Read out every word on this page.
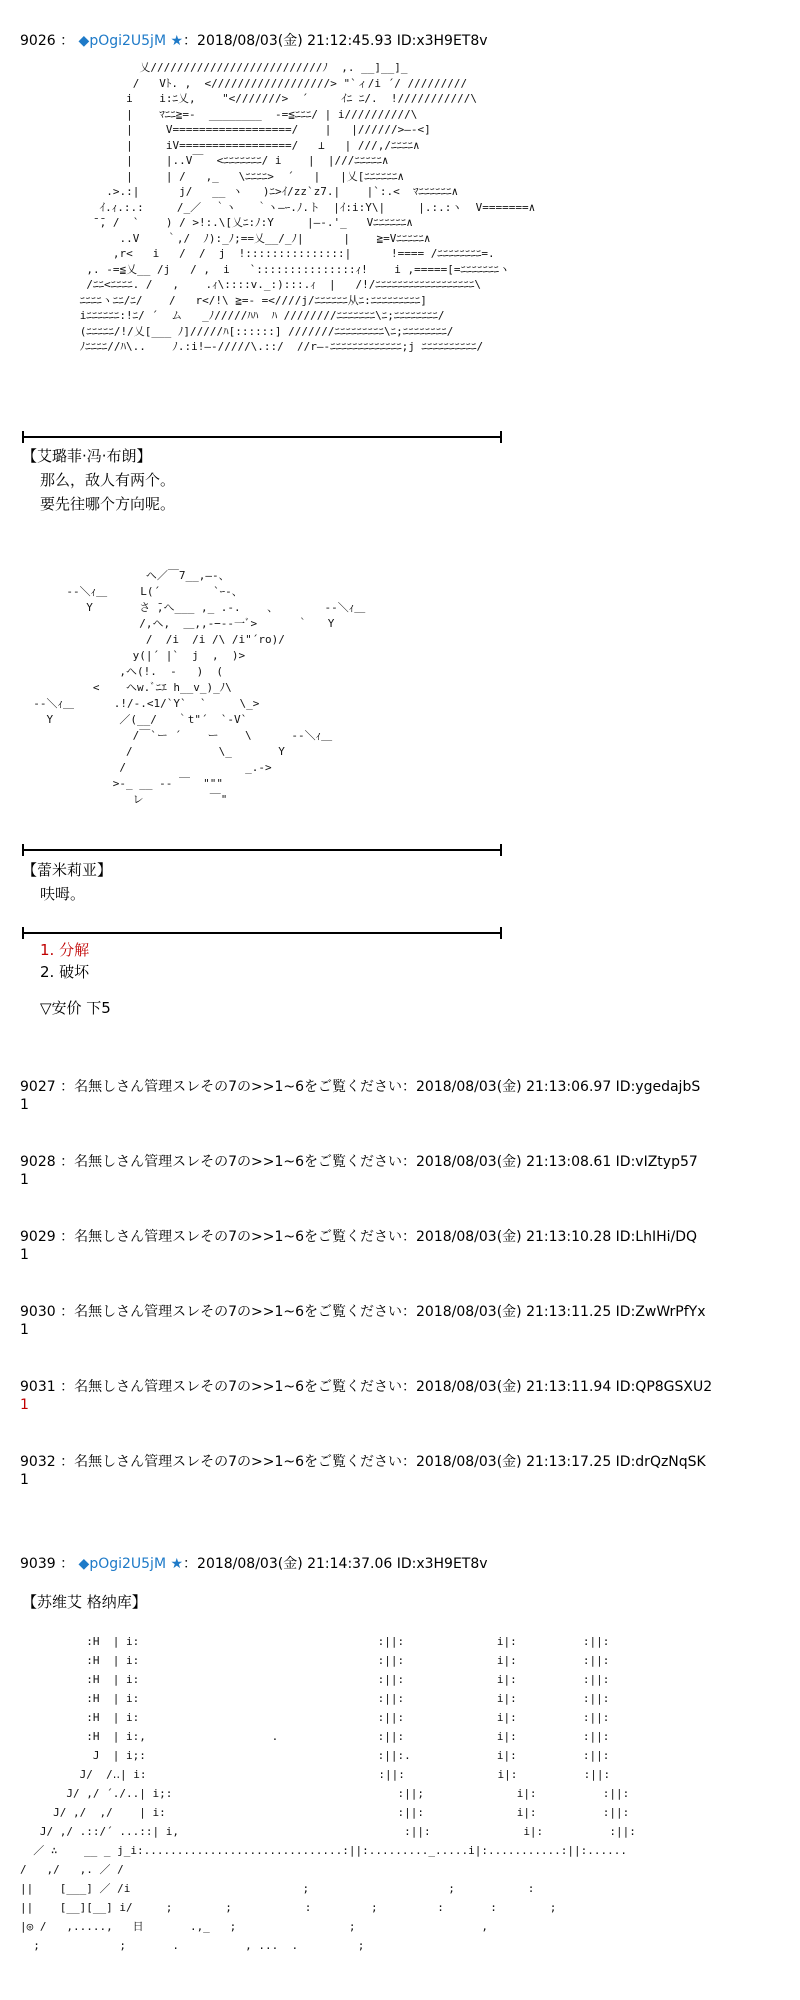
9026 ： ◆pOgi2U5jM ★：2018/08/03(金) 21:12:45.93 ID:x3H9ET8v
乂//////////////////////////ﾉ  ,. __]__]_
/   Vﾄ. ,  <//////////////////> "`ィ/i ´/ /////////
i    i:ﾆ乂,    "<///////>  ´     ｲﾆ ﾆ/.  !///////////\
|    ﾏﾆﾆ≧=-  ________  -=≦ﾆﾆﾆ/ | i//////////\
|     V==================/    |   |//////>—-<]
|     iV=================/   ⊥   | ///,/ﾆﾆﾆﾆ∧
|     |..V￣  <ﾆﾆﾆﾆﾆﾆﾆ/ i    |  |///ﾆﾆﾆﾆﾆ∧
|     | /   ,_   \ﾆﾆﾆﾆ>  ´   |   |乂[ﾆﾆﾆﾆﾆﾆ∧
.>.:|      j/   __ ヽ   )ﾆ>ｲ/zz`z7.|    |`:.<  ﾏﾆﾆﾆﾆﾆﾆ∧
ｲ.ｨ.:.:     /_／  ｀ヽ   ｀ヽ—ｰ.ﾉ.ト  |ｲ:i:Y\|     |.:.:ヽ  V=======∧
̄ ̄, /  `    ) / >!:.\[乂ﾆ:ﾉ:Y     |—-.'_   Vﾆﾆﾆﾆﾆﾆ∧
..V    ｀,/  ﾉ):_ﾉ;==乂__/_ﾉ|      |    ≧=Vﾆﾆﾆﾆﾆ∧
,r<   i   /  /  j  !:::::::::::::::|      !==== /ﾆﾆﾆﾆﾆﾆﾆﾆ=.
,. -=≦乂__ /j   / ,  i   `:::::::::::::::ｨ!    i ,=====[=ﾆﾆﾆﾆﾆﾆﾆヽ
/ﾆﾆ<ﾆﾆﾆﾆ. /   ,    .ｨ\::::v._:):::.ｨ  |   /!/ﾆﾆﾆﾆﾆﾆﾆﾆﾆﾆﾆﾆﾆﾆﾆﾆﾆﾆ\
ﾆﾆﾆﾆヽﾆﾆ/ﾆ/    /   r</!\ ≧=- =<////j/ﾆﾆﾆﾆﾆﾆ从ﾆ:ﾆﾆﾆﾆﾆﾆﾆﾆﾆ]
iﾆﾆﾆﾆﾆﾆ:!ﾆ/ ´  ム   _ﾉ/////ﾊﾊ  ﾊ ////////ﾆﾆﾆﾆﾆﾆﾆ\ﾆ;ﾆﾆﾆﾆﾆﾆﾆﾆ/
(ﾆﾆﾆﾆﾆ/!/乂[___ ﾉ]/////ﾊ[::::::] ///////ﾆﾆﾆﾆﾆﾆﾆﾆﾆ\ﾆ;ﾆﾆﾆﾆﾆﾆﾆﾆ/
ﾉﾆﾆﾆﾆ//ﾊ\..    ﾉ.:i!—-/////\.::/  //r—-ﾆﾆﾆﾆﾆﾆﾆﾆﾆﾆﾆﾆﾆ;j ﾆﾆﾆﾆﾆﾆﾆﾆﾆﾆ/
【艾璐菲·冯·布朗】
那么，敌人有两个。
要先往哪个方向呢。
ヘ／￣7__,―-、
-‐＼ｨ＿     L(´        `ｰ-、
Y       さ ̄,へ___ ,_ .-.    、       -‐＼ｨ＿
/,ヘ,  ＿,,-−--一ﾞ>      ｀   Y
/  /i  /i /\ /i"´ro)/
y(|´ |`  j  ,  )>
,ヘ(!.  ‐   )  (
<    ヘw.ﾞﾆｴ h__v_)_ﾉ\
-‐＼ｨ＿      .!/-.<1/`Y`  `     \_>
Y          ／(__/   ｀t"´  `-V`
/￣`ー ´    ー    \      -‐＼ｨ＿
/             \_       Y
/                  _.->
>-_ __ -‐ ￣  """
レ          ￣"
【蕾米莉亚】
呋呣。
1. 分解
2. 破坏
▽安价 下5
9027 ：名無しさん管理スレその7の>>1~6をご覧ください：2018/08/03(金) 21:13:06.97 ID:ygedajbS
1
9028 ：名無しさん管理スレその7の>>1~6をご覧ください：2018/08/03(金) 21:13:08.61 ID:vIZtyp57
1
9029 ：名無しさん管理スレその7の>>1~6をご覧ください：2018/08/03(金) 21:13:10.28 ID:LhIHi/DQ
1
9030 ：名無しさん管理スレその7の>>1~6をご覧ください：2018/08/03(金) 21:13:11.25 ID:ZwWrPfYx
1
9031 ：名無しさん管理スレその7の>>1~6をご覧ください：2018/08/03(金) 21:13:11.94 ID:QP8GSXU2
1
9032 ：名無しさん管理スレその7の>>1~6をご覧ください：2018/08/03(金) 21:13:17.25 ID:drQzNqSK
1
9039 ： ◆pOgi2U5jM ★：2018/08/03(金) 21:14:37.06 ID:x3H9ET8v
【苏维艾 格纳库】
:H  | i:                                    :||:              i|:          :||:
:H  | i:                                    :||:              i|:          :||:
:H  | i:                                    :||:              i|:          :||:
:H  | i:                                    :||:              i|:          :||:
:H  | i:                                    :||:              i|:          :||:
:H  | i:,                   .               :||:              i|:          :||:
J  | i;:                                   :||:.             i|:          :||:
J/  /‥| i:                                   :||:              i|:          :||:
J/ ,/ ´./..| i;:                                  :||;              i|:          :||:
J/ ,/  ,/    | i:                                   :||:              i|:          :||:
J/ ,/ .::/´ ...::| i,                                  :||:              i|:          :||:
／ ∴    __ _ j_i:..............................:||:........._.....i|:...........:||:......
/   ,/   ,. ／ /
||    [___] ／ /i                          ;                     ;           :
||    [__][__] i/     ;        ;           :         ;         :       :        ;
|◎ /   ,.....,   日       .,_   ;                 ;                   ,
;            ;       .          , ...  .         ;
